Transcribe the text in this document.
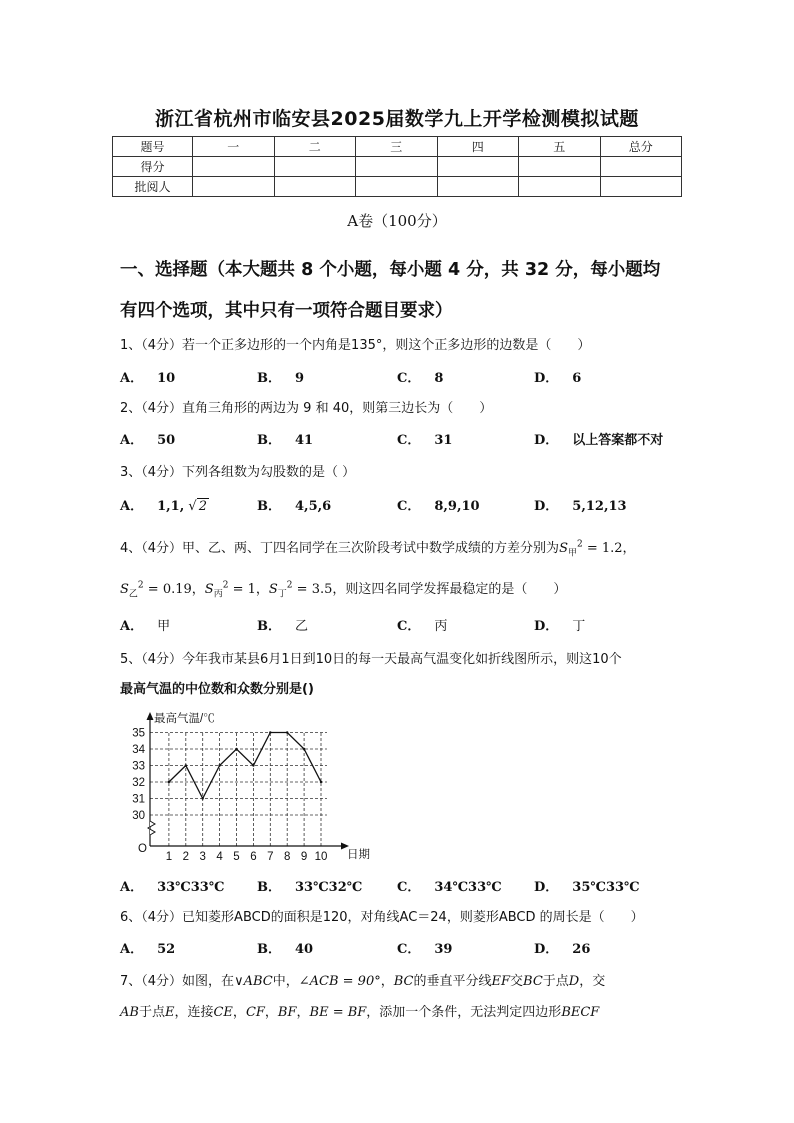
浙江省杭州市临安县2025届数学九上开学检测模拟试题
题号	一	二	三	四	五	总分
得分						
批阅人						
A卷（100分）
一、选择题（本大题共 8 个小题，每小题 4 分，共 32 分，每小题均
有四个选项，其中只有一项符合题目要求）
1、（4分）若一个正多边形的一个内角是135°，则这个正多边形的边数是（　　）
A． 10	B． 9	C． 8	D． 6
2、（4分）直角三角形的两边为 9 和 40，则第三边长为（　　）
A． 50	B． 41	C． 31	D． 以上答案都不对
3、（4分）下列各组数为勾股数的是（ ）
A． 1,1, √ 2	B． 4,5,6	C． 8,9,10	D． 5,12,13
4、（4分）甲、乙、两、丁四名同学在三次阶段考试中数学成绩的方差分别为$S_甲^2 = 1.2$，
$S_乙^2 = 0.19$，$S_丙^2 = 1$，$S_丁^2 = 3.5$，则这四名同学发挥最稳定的是（　　）
A． 甲	B． 乙	C． 丙	D． 丁
5、（4分）今年我市某县6月1日到10日的每一天最高气温变化如折线图所示，则这10个
最高气温的中位数和众数分别是()
30
31
32
33
34
35
1 2 3 4 5 6 7 8 9 10
O
最高气温/℃
日期
A． 33℃33℃	B． 33℃32℃	C． 34℃33℃ D． 35℃33℃
6、（4分）已知菱形ABCD的面积是120，对角线AC＝24，则菱形ABCD 的周长是（　　）
A． 52	B． 40	C． 39	D． 26
7、（4分）如图，在∨ABC中，∠ACB = 90°，BC的垂直平分线EF交BC于点D，交
AB于点E，连接CE，CF，BF，BE = BF，添加一个条件，无法判定四边形BECF
